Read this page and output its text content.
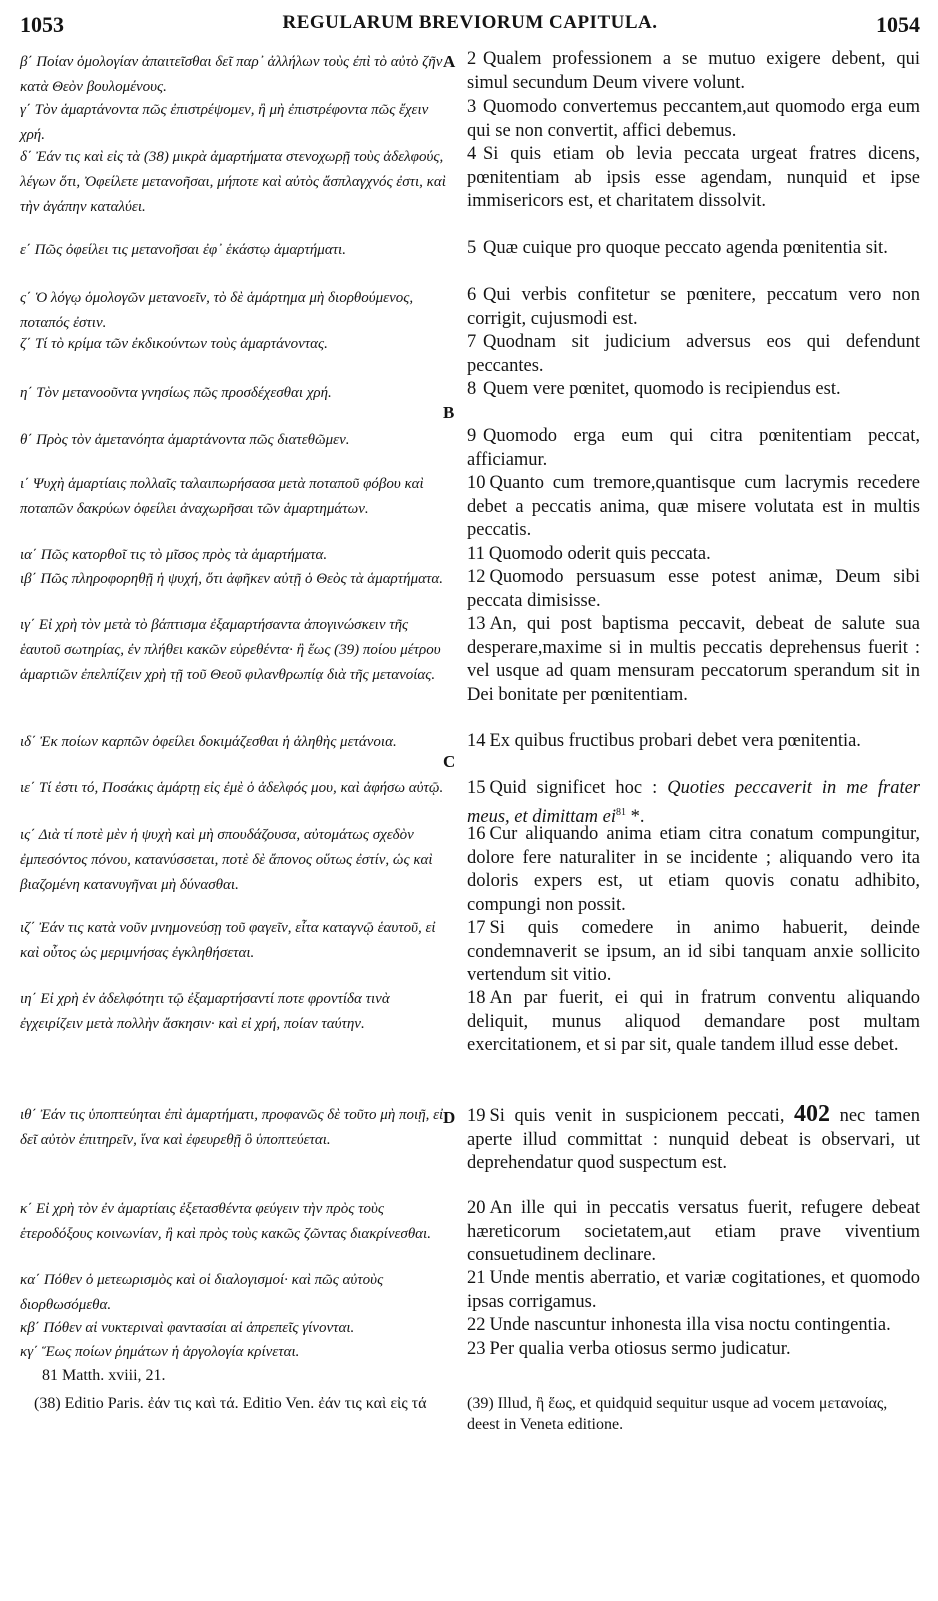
1053	REGULARUM BREVIORUM CAPITULA.	1054
A
B
C
D
β΄ Ποίαν ὁμολογίαν ἀπαιτεῖσθαι δεῖ παρ᾽ ἀλλήλων τοὺς ἐπὶ τὸ αὐτὸ ζῆν κατὰ Θεὸν βουλομένους.
γ΄ Τὸν ἁμαρτάνοντα πῶς ἐπιστρέψομεν, ἢ μὴ ἐπιστρέφοντα πῶς ἔχειν χρή.
δ΄ Ἐάν τις καὶ εἰς τὰ (38) μικρὰ ἁμαρτήματα στενοχωρῇ τοὺς ἀδελφούς, λέγων ὅτι, Ὀφείλετε μετανοῆσαι, μήποτε καὶ αὐτὸς ἄσπλαγχνός ἐστι, καὶ τὴν ἀγάπην καταλύει.
ε΄ Πῶς ὀφείλει τις μετανοῆσαι ἐφ᾽ ἑκάστῳ ἁμαρτήματι.
ς΄ Ὁ λόγῳ ὁμολογῶν μετανοεῖν, τὸ δὲ ἁμάρτημα μὴ διορθούμενος, ποταπός ἐστιν.
ζ΄ Τί τὸ κρίμα τῶν ἐκδικούντων τοὺς ἁμαρτάνοντας.
η΄ Τὸν μετανοοῦντα γνησίως πῶς προσδέχεσθαι χρή.
θ΄ Πρὸς τὸν ἀμετανόητα ἁμαρτάνοντα πῶς διατεθῶμεν.
ι΄ Ψυχὴ ἁμαρτίαις πολλαῖς ταλαιπωρήσασα μετὰ ποταποῦ φόβου καὶ ποταπῶν δακρύων ὀφείλει ἀναχωρῆσαι τῶν ἁμαρτημάτων.
ια΄ Πῶς κατορθοῖ τις τὸ μῖσος πρὸς τὰ ἁμαρτήματα.
ιβ΄ Πῶς πληροφορηθῇ ἡ ψυχή, ὅτι ἀφῆκεν αὐτῇ ὁ Θεὸς τὰ ἁμαρτήματα.
ιγ΄ Εἰ χρὴ τὸν μετὰ τὸ βάπτισμα ἐξαμαρτήσαντα ἀπογινώσκειν τῆς ἑαυτοῦ σωτηρίας, ἐν πλήθει κακῶν εὑρεθέντα· ἢ ἕως (39) ποίου μέτρου ἁμαρτιῶν ἐπελπίζειν χρὴ τῇ τοῦ Θεοῦ φιλανθρωπίᾳ διὰ τῆς μετανοίας.
ιδ΄ Ἐκ ποίων καρπῶν ὀφείλει δοκιμάζεσθαι ἡ ἀληθὴς μετάνοια.
ιε΄ Τί ἐστι τό, Ποσάκις ἁμάρτῃ εἰς ἐμὲ ὁ ἀδελφός μου, καὶ ἀφήσω αὐτῷ.
ις΄ Διὰ τί ποτὲ μὲν ἡ ψυχὴ καὶ μὴ σπουδάζουσα, αὐτομάτως σχεδὸν ἐμπεσόντος πόνου, κατανύσσεται, ποτὲ δὲ ἄπονος οὕτως ἐστίν, ὡς καὶ βιαζομένη κατανυγῆναι μὴ δύνασθαι.
ιζ΄ Ἐάν τις κατὰ νοῦν μνημονεύσῃ τοῦ φαγεῖν, εἶτα καταγνῷ ἑαυτοῦ, εἰ καὶ οὗτος ὡς μεριμνήσας ἐγκληθήσεται.
ιη΄ Εἰ χρὴ ἐν ἀδελφότητι τῷ ἐξαμαρτήσαντί ποτε φροντίδα τινὰ ἐγχειρίζειν μετὰ πολλὴν ἄσκησιν· καὶ εἰ χρή, ποίαν ταύτην.
ιθ΄ Ἐάν τις ὑποπτεύηται ἐπὶ ἁμαρτήματι, προφανῶς δὲ τοῦτο μὴ ποιῇ, εἰ δεῖ αὐτὸν ἐπιτηρεῖν, ἵνα καὶ ἐφευρεθῇ ὃ ὑποπτεύεται.
κ΄ Εἰ χρὴ τὸν ἐν ἁμαρτίαις ἐξετασθέντα φεύγειν τὴν πρὸς τοὺς ἑτεροδόξους κοινωνίαν, ἢ καὶ πρὸς τοὺς κακῶς ζῶντας διακρίνεσθαι.
κα΄ Πόθεν ὁ μετεωρισμὸς καὶ οἱ διαλογισμοί· καὶ πῶς αὐτοὺς διορθωσόμεθα.
κβ΄ Πόθεν αἱ νυκτεριναὶ φαντασίαι αἱ ἀπρεπεῖς γίνονται.
κγ΄ Ἕως ποίων ῥημάτων ἡ ἀργολογία κρίνεται.
2 Qualem professionem a se mutuo exigere debent, qui simul secundum Deum vivere volunt.
3 Quomodo convertemus peccantem,aut quomodo erga eum qui se non convertit, affici debemus.
4 Si quis etiam ob levia peccata urgeat fratres dicens, pœnitentiam ab ipsis esse agendam, nunquid et ipse immisericors est, et charitatem dissolvit.
5 Quæ cuique pro quoque peccato agenda pœnitentia sit.
6 Qui verbis confitetur se pœnitere, peccatum vero non corrigit, cujusmodi est.
7 Quodnam sit judicium adversus eos qui defendunt peccantes.
8 Quem vere pœnitet, quomodo is recipiendus est.
9 Quomodo erga eum qui citra pœnitentiam peccat, afficiamur.
10 Quanto cum tremore,quantisque cum lacrymis recedere debet a peccatis anima, quæ misere volutata est in multis peccatis.
11 Quomodo oderit quis peccata.
12 Quomodo persuasum esse potest animæ, Deum sibi peccata dimisisse.
13 An, qui post baptisma peccavit, debeat de salute sua desperare,maxime si in multis peccatis deprehensus fuerit : vel usque ad quam mensuram peccatorum sperandum sit in Dei bonitate per pœnitentiam.
14 Ex quibus fructibus probari debet vera pœnitentia.
15 Quid significet hoc : Quoties peccaverit in me frater meus, et dimittam ei$^{81}$ *.
16 Cur aliquando anima etiam citra conatum compungitur, dolore fere naturaliter in se incidente ; aliquando vero ita doloris expers est, ut etiam quovis conatu adhibito, compungi non possit.
17 Si quis comedere in animo habuerit, deinde condemnaverit se ipsum, an id sibi tanquam anxie sollicito vertendum sit vitio.
18 An par fuerit, ei qui in fratrum conventu aliquando deliquit, munus aliquod demandare post multam exercitationem, et si par sit, quale tandem illud esse debet.
19 Si quis venit in suspicionem peccati, 402 nec tamen aperte illud committat : nunquid debeat is observari, ut deprehendatur quod suspectum est.
20 An ille qui in peccatis versatus fuerit, refugere debeat hæreticorum societatem,aut etiam prave viventium consuetudinem declinare.
21 Unde mentis aberratio, et variæ cogitationes, et quomodo ipsas corrigamus.
22 Unde nascuntur inhonesta illa visa noctu contingentia.
23 Per qualia verba otiosus sermo judicatur.
81 Matth. xviii, 21.
(38) Editio Paris. ἐάν τις καὶ τά. Editio Ven. ἐάν τις καὶ εἰς τά	(39) Illud, ἢ ἕως, et quidquid sequitur usque ad vocem μετανοίας, deest in Veneta editione.
